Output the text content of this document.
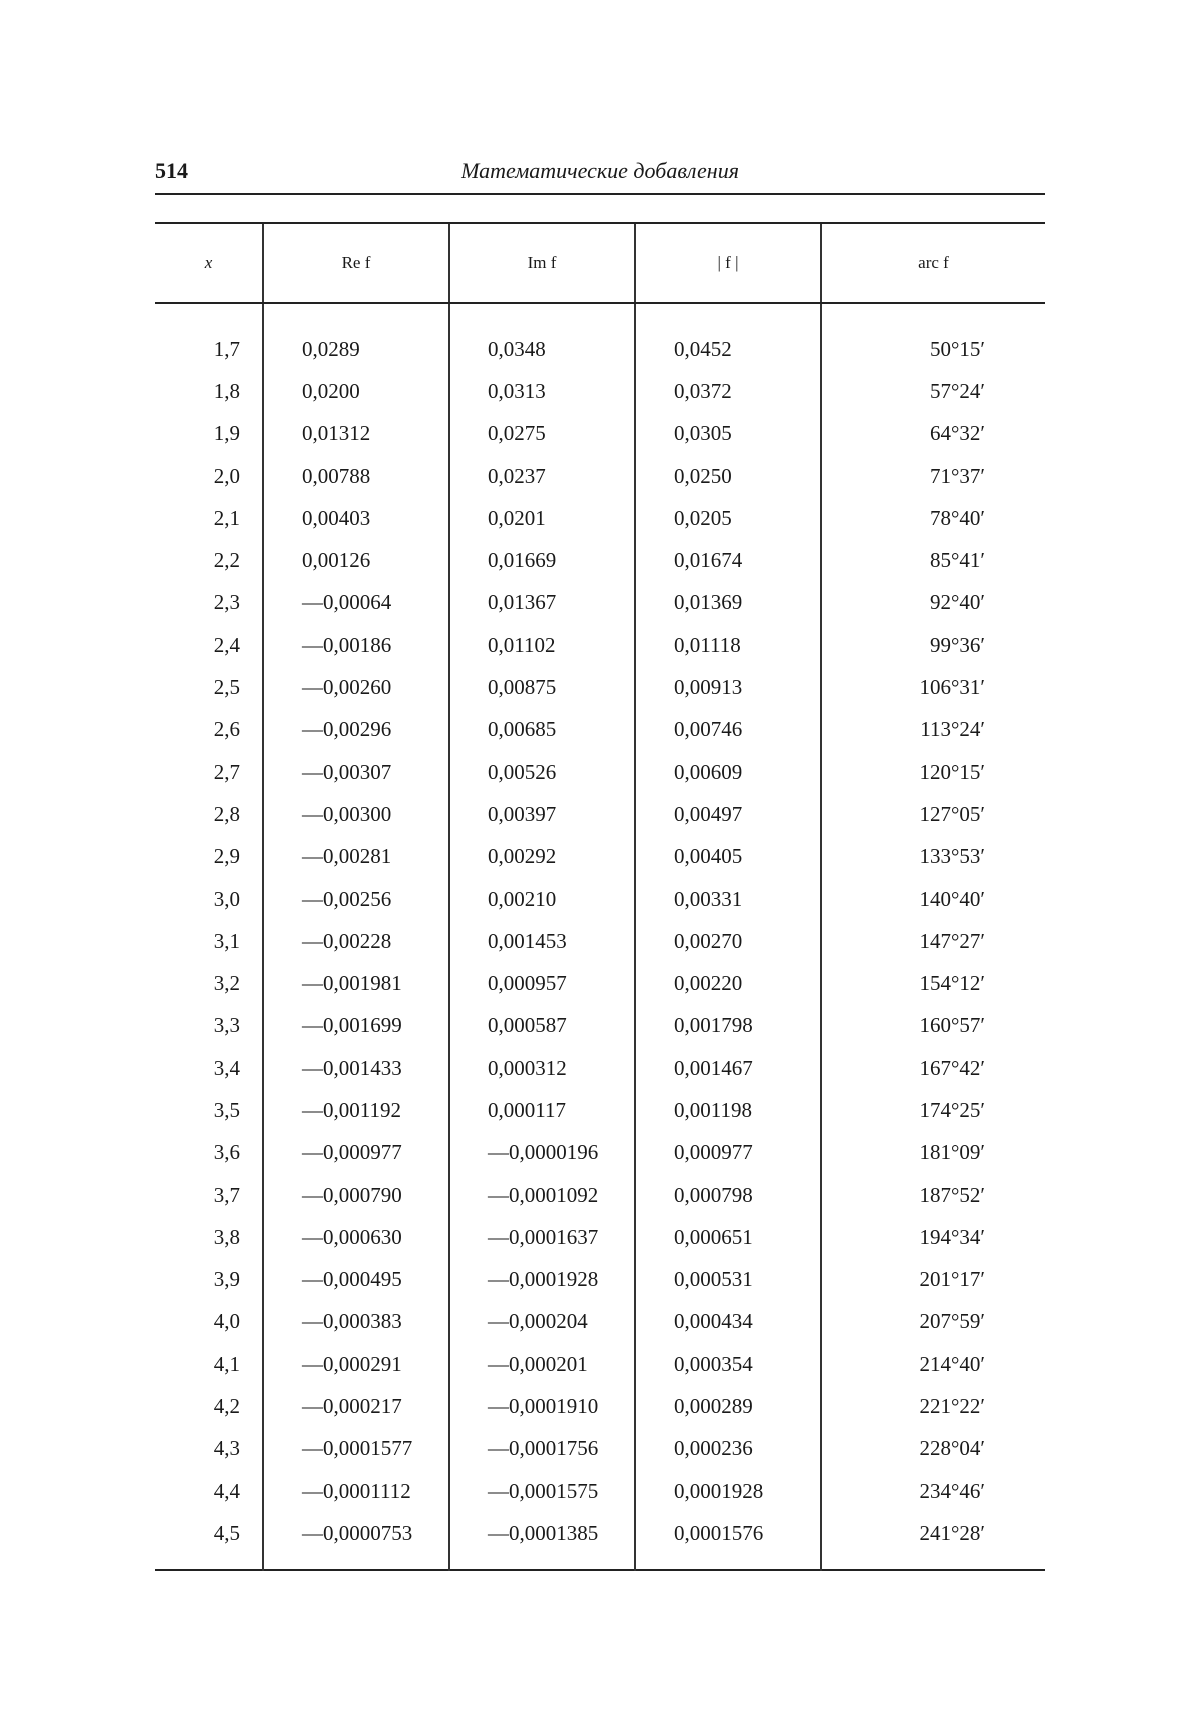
514	Математические добавления
x	Re f	Im f	| f |	arc f

1,7	0,0289	0,0348	0,0452	50°15′
1,8	0,0200	0,0313	0,0372	57°24′
1,9	0,01312	0,0275	0,0305	64°32′
2,0	0,00788	0,0237	0,0250	71°37′
2,1	0,00403	0,0201	0,0205	78°40′
2,2	0,00126	0,01669	0,01674	85°41′
2,3	—0,00064	0,01367	0,01369	92°40′
2,4	—0,00186	0,01102	0,01118	99°36′
2,5	—0,00260	0,00875	0,00913	106°31′
2,6	—0,00296	0,00685	0,00746	113°24′
2,7	—0,00307	0,00526	0,00609	120°15′
2,8	—0,00300	0,00397	0,00497	127°05′
2,9	—0,00281	0,00292	0,00405	133°53′
3,0	—0,00256	0,00210	0,00331	140°40′
3,1	—0,00228	0,001453	0,00270	147°27′
3,2	—0,001981	0,000957	0,00220	154°12′
3,3	—0,001699	0,000587	0,001798	160°57′
3,4	—0,001433	0,000312	0,001467	167°42′
3,5	—0,001192	0,000117	0,001198	174°25′
3,6	—0,000977	—0,0000196	0,000977	181°09′
3,7	—0,000790	—0,0001092	0,000798	187°52′
3,8	—0,000630	—0,0001637	0,000651	194°34′
3,9	—0,000495	—0,0001928	0,000531	201°17′
4,0	—0,000383	—0,000204	0,000434	207°59′
4,1	—0,000291	—0,000201	0,000354	214°40′
4,2	—0,000217	—0,0001910	0,000289	221°22′
4,3	—0,0001577	—0,0001756	0,000236	228°04′
4,4	—0,0001112	—0,0001575	0,0001928	234°46′
4,5	—0,0000753	—0,0001385	0,0001576	241°28′
